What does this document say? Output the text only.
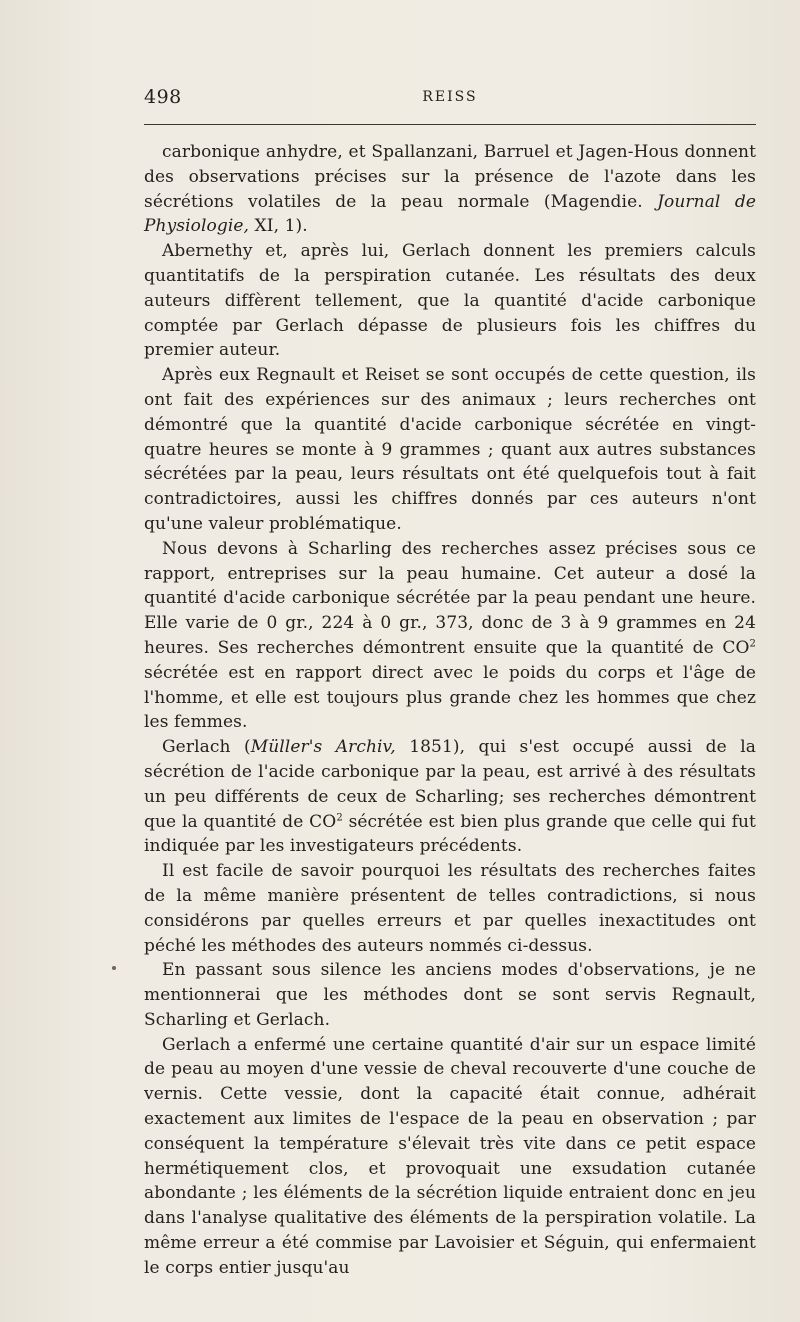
498	REISS

carbonique anhydre, et Spallanzani, Barruel et Jagen-Hous donnent des observations précises sur la présence de l'azote dans les sécrétions volatiles de la peau normale (Magendie. Journal de Physiologie, XI, 1).

Abernethy et, après lui, Gerlach donnent les premiers calculs quantitatifs de la perspiration cutanée. Les résultats des deux auteurs diffèrent tellement, que la quantité d'acide carbonique comptée par Gerlach dépasse de plusieurs fois les chiffres du premier auteur.

Après eux Regnault et Reiset se sont occupés de cette question, ils ont fait des expériences sur des animaux ; leurs recherches ont démontré que la quantité d'acide carbonique sécrétée en vingt-quatre heures se monte à 9 grammes ; quant aux autres substances sécrétées par la peau, leurs résultats ont été quelquefois tout à fait contradictoires, aussi les chiffres donnés par ces auteurs n'ont qu'une valeur problématique.

Nous devons à Scharling des recherches assez précises sous ce rapport, entreprises sur la peau humaine. Cet auteur a dosé la quantité d'acide carbonique sécrétée par la peau pendant une heure. Elle varie de 0 gr., 224 à 0 gr., 373, donc de 3 à 9 grammes en 24 heures. Ses recherches démontrent ensuite que la quantité de $CO^2$ sécrétée est en rapport direct avec le poids du corps et l'âge de l'homme, et elle est toujours plus grande chez les hommes que chez les femmes.

Gerlach (Müller's Archiv, 1851), qui s'est occupé aussi de la sécrétion de l'acide carbonique par la peau, est arrivé à des résultats un peu différents de ceux de Scharling; ses recherches démontrent que la quantité de $CO^2$ sécrétée est bien plus grande que celle qui fut indiquée par les investigateurs précédents.

Il est facile de savoir pourquoi les résultats des recherches faites de la même manière présentent de telles contradictions, si nous considérons par quelles erreurs et par quelles inexactitudes ont péché les méthodes des auteurs nommés ci-dessus.

En passant sous silence les anciens modes d'observations, je ne mentionnerai que les méthodes dont se sont servis Regnault, Scharling et Gerlach.

Gerlach a enfermé une certaine quantité d'air sur un espace limité de peau au moyen d'une vessie de cheval recouverte d'une couche de vernis. Cette vessie, dont la capacité était connue, adhérait exactement aux limites de l'espace de la peau en observation ; par conséquent la température s'élevait très vite dans ce petit espace hermétiquement clos, et provoquait une exsudation cutanée abondante ; les éléments de la sécrétion liquide entraient donc en jeu dans l'analyse qualitative des éléments de la perspiration volatile. La même erreur a été commise par Lavoisier et Séguin, qui enfermaient le corps entier jusqu'au
